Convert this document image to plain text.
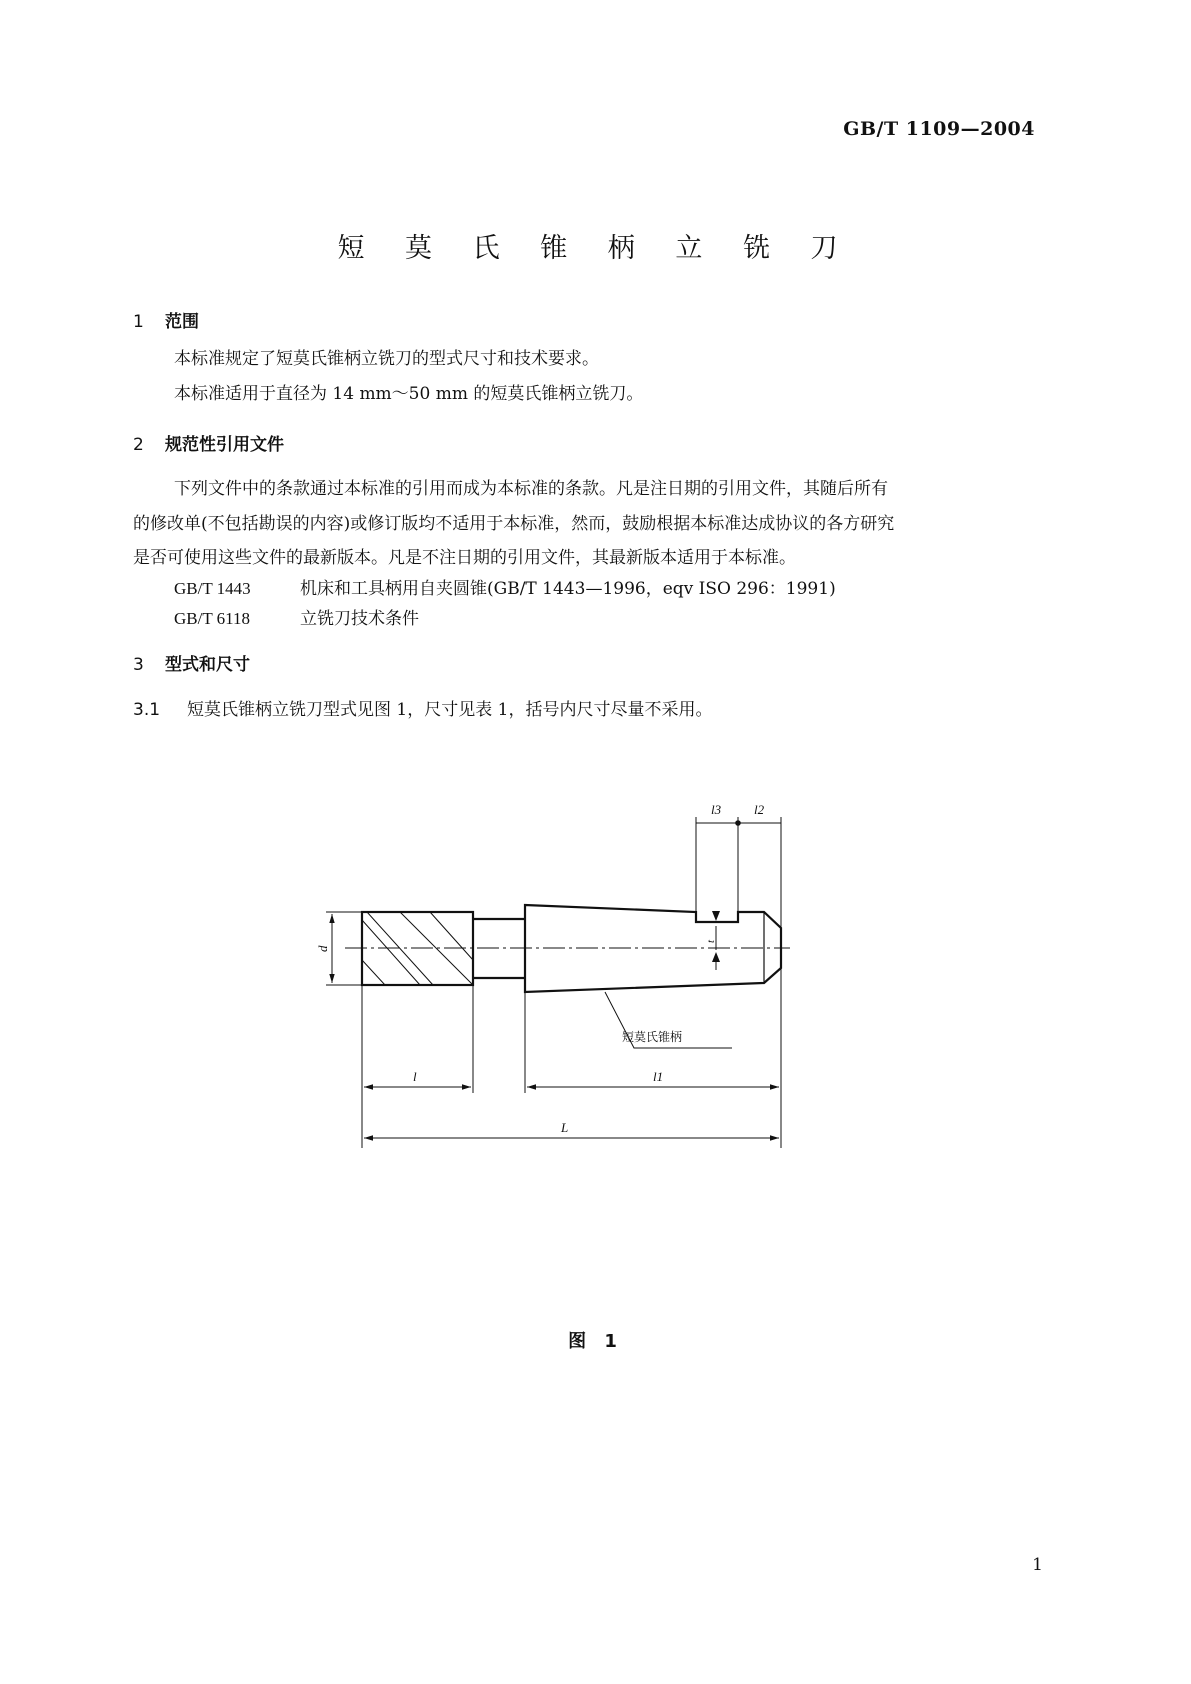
GB/T 1109—2004
短 莫 氏 锥 柄 立 铣 刀
1 范围
本标准规定了短莫氏锥柄立铣刀的型式尺寸和技术要求。
本标准适用于直径为 14 mm～50 mm 的短莫氏锥柄立铣刀。
2 规范性引用文件
下列文件中的条款通过本标准的引用而成为本标准的条款。凡是注日期的引用文件，其随后所有
的修改单(不包括勘误的内容)或修订版均不适用于本标准，然而，鼓励根据本标准达成协议的各方研究
是否可使用这些文件的最新版本。凡是不注日期的引用文件，其最新版本适用于本标准。
GB/T 1443	机床和工具柄用自夹圆锥(GB/T 1443—1996，eqv ISO 296：1991)
GB/T 6118	立铣刀技术条件
3 型式和尺寸
3.1 短莫氏锥柄立铣刀型式见图 1，尺寸见表 1，括号内尺寸尽量不采用。
d
t
l3	l2
l	l1
L
短莫氏锥柄
图 1
1
